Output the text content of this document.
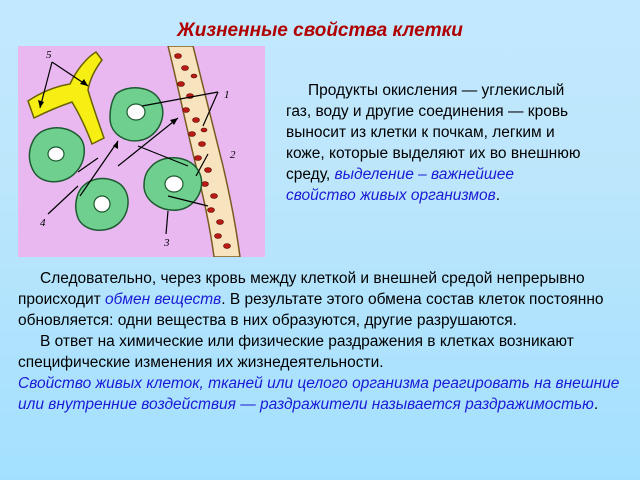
Жизненные свойства клетки
5
1
2
3
4

Продукты окисления — углекислый газ, воду и другие соединения — кровь выносит из клетки к почкам, легким и коже, которые выделяют их во внешнюю среду, выделение – важнейшее свойство живых организмов.

Следовательно, через кровь между клеткой и внешней средой непрерывно происходит обмен веществ. В результате этого обмена состав клеток постоянно обновляется: одни вещества в них образуются, другие разрушаются.

В ответ на химические или физические раздражения в клетках возникают специфические изменения их жизнедеятельности.

Свойство живых клеток, тканей или целого организма реагировать на внешние или внутренние воздействия — раздражители называется раздражимостью.
